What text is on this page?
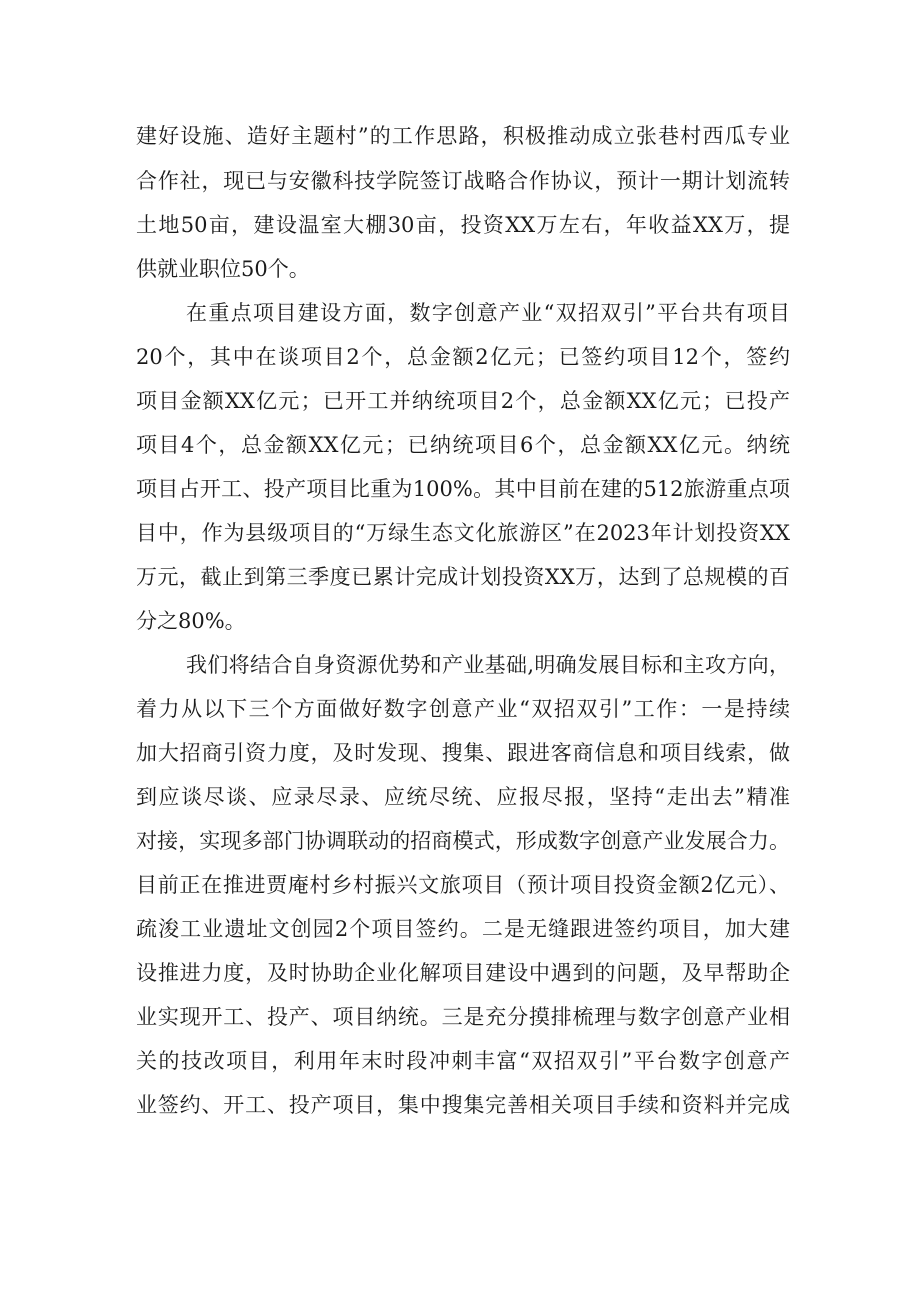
建好设施、造好主题村”的工作思路，积极推动成立张巷村西瓜专业
合作社，现已与安徽科技学院签订战略合作协议，预计一期计划流转
土地50亩，建设温室大棚30亩，投资XX万左右，年收益XX万，提
供就业职位50个。
在重点项目建设方面，数字创意产业“双招双引”平台共有项目
20个，其中在谈项目2个，总金额2亿元；已签约项目12个，签约
项目金额XX亿元；已开工并纳统项目2个，总金额XX亿元；已投产
项目4个，总金额XX亿元；已纳统项目6个，总金额XX亿元。纳统
项目占开工、投产项目比重为100%。其中目前在建的512旅游重点项
目中，作为县级项目的“万绿生态文化旅游区”在2023年计划投资XX
万元，截止到第三季度已累计完成计划投资XX万，达到了总规模的百
分之80%。
我们将结合自身资源优势和产业基础,明确发展目标和主攻方向，
着力从以下三个方面做好数字创意产业“双招双引”工作：一是持续
加大招商引资力度，及时发现、搜集、跟进客商信息和项目线索，做
到应谈尽谈、应录尽录、应统尽统、应报尽报，坚持“走出去”精准
对接，实现多部门协调联动的招商模式，形成数字创意产业发展合力。
目前正在推进贾庵村乡村振兴文旅项目（预计项目投资金额2亿元）、
疏浚工业遗址文创园2个项目签约。二是无缝跟进签约项目，加大建
设推进力度，及时协助企业化解项目建设中遇到的问题，及早帮助企
业实现开工、投产、项目纳统。三是充分摸排梳理与数字创意产业相
关的技改项目，利用年末时段冲刺丰富“双招双引”平台数字创意产
业签约、开工、投产项目，集中搜集完善相关项目手续和资料并完成
